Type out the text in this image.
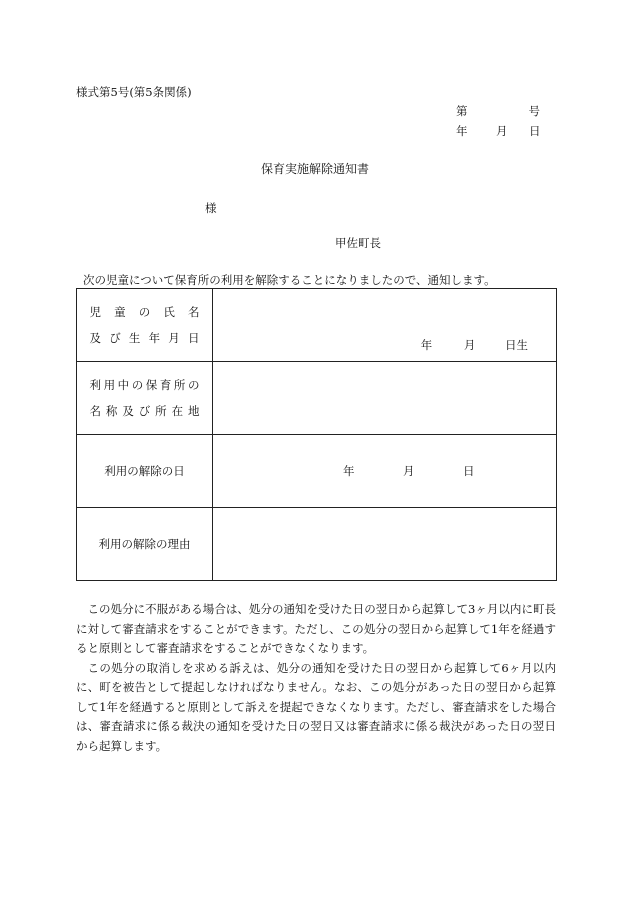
様式第5号(第5条関係)
第	号
年 月 日
保育実施解除通知書
様
甲佐町長
次の児童について保育所の利用を解除することになりましたので、通知します。
児童の氏名
及び生年月日	年 月 日生

利用中の保育所の
名称及び所在地	

利用の解除の日	年 月 日

利用の解除の理由	

この処分に不服がある場合は、処分の通知を受けた日の翌日から起算して3ヶ月以内に町長に対して審査請求をすることができます。ただし、この処分の翌日から起算して1年を経過すると原則として審査請求をすることができなくなります。

この処分の取消しを求める訴えは、処分の通知を受けた日の翌日から起算して6ヶ月以内に、町を被告として提起しなければなりません。なお、この処分があった日の翌日から起算して1年を経過すると原則として訴えを提起できなくなります。ただし、審査請求をした場合は、審査請求に係る裁決の通知を受けた日の翌日又は審査請求に係る裁決があった日の翌日から起算します。
